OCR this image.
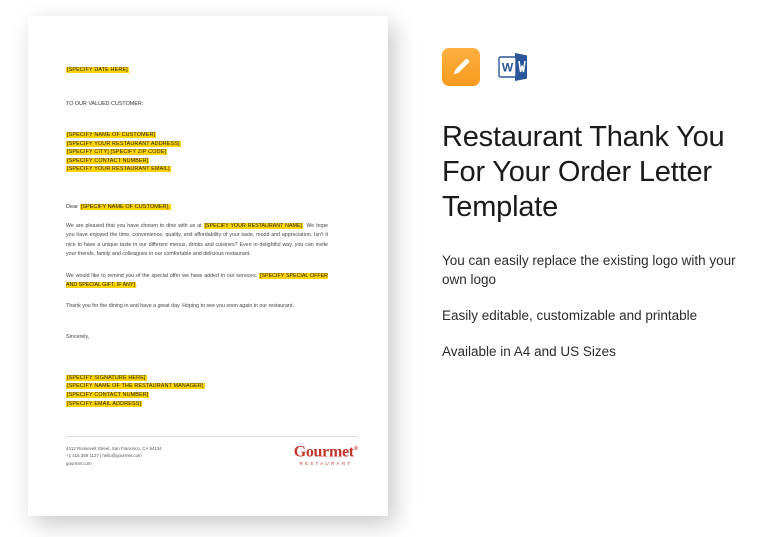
[SPECIFY DATE HERE]
TO OUR VALUED CUSTOMER:
[SPECIFY NAME OF CUSTOMER]
[SPECIFY YOUR RESTAURANT ADDRESS]
[SPECIFY CITY] [SPECIFY ZIP CODE]
[SPECIFY CONTACT NUMBER]
[SPECIFY YOUR RESTAURANT EMAIL]
Dear [SPECIFY NAME OF CUSTOMER],
We are pleased that you have chosen to dine with us at [SPECIFY YOUR RESTAURANT NAME]. We hope you have enjoyed the time, convenience, quality, and affordability of your taste, mood and appreciation. Isn't it nice to have a unique taste in our different menus, drinks and cuisines? Even in delightful way, you can invite your friends, family and colleagues in our comfortable and delicious restaurant.
We would like to remind you of the special offer we have added in our services. [SPECIFY SPECIAL OFFER AND SPECIAL GIFT, IF ANY].
Thank you for the dining in and have a great day. Hoping to see you soon again in our restaurant.
Sincerely,
[SPECIFY SIGNATURE HERE]
[SPECIFY NAME OF THE RESTAURANT MANAGER]
[SPECIFY CONTACT NUMBER]
[SPECIFY EMAIL ADDRESS]
4412 Roosevelt Street, San Francisco, CA 94134
+1 415 359 1127 | hello@gourmet.com
gourmet.com
Gourmet®
RESTAURANT
W
Restaurant Thank You For Your Order Letter Template
You can easily replace the existing logo with your own logo
Easily editable, customizable and printable
Available in A4 and US Sizes
